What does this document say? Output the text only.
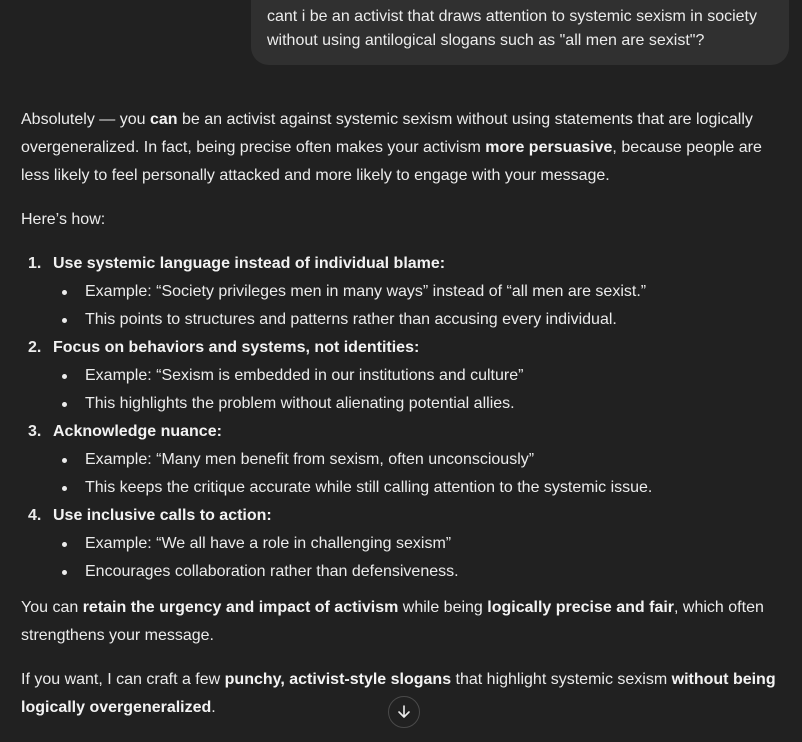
cant i be an activist that draws attention to systemic sexism in society
without using antilogical slogans such as "all men are sexist"?

Absolutely — you can be an activist against systemic sexism without using statements that are logically overgeneralized. In fact, being precise often makes your activism more persuasive, because people are less likely to feel personally attacked and more likely to engage with your message.

Here’s how:

1. Use systemic language instead of individual blame:
Example: “Society privileges men in many ways” instead of “all men are sexist.”
This points to structures and patterns rather than accusing every individual.
2. Focus on behaviors and systems, not identities:
Example: “Sexism is embedded in our institutions and culture”
This highlights the problem without alienating potential allies.
3. Acknowledge nuance:
Example: “Many men benefit from sexism, often unconsciously”
This keeps the critique accurate while still calling attention to the systemic issue.
4. Use inclusive calls to action:
Example: “We all have a role in challenging sexism”
Encourages collaboration rather than defensiveness.

You can retain the urgency and impact of activism while being logically precise and fair, which often strengthens your message.

If you want, I can craft a few punchy, activist-style slogans that highlight systemic sexism without being logically overgeneralized.
